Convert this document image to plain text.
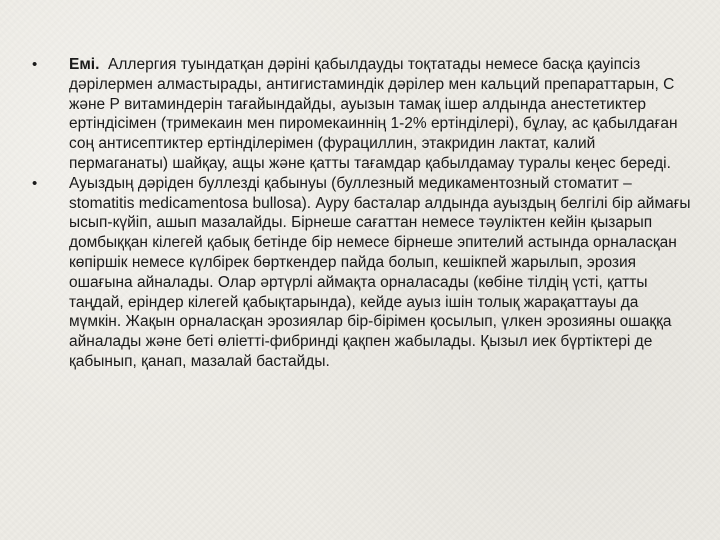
•	Емі.  Аллергия туындатқан дәріні қабылдауды тоқтатады немесе басқа қауіпсіз дәрілермен алмастырады, антигистаминдік дәрілер мен кальций препараттарын, С және Р витаминдерін тағайындайды, ауызын тамақ ішер алдында анестетиктер ертіндісімен (тримекаин мен пиромекаиннің 1-2% ертінділері), бұлау, ас қабылдаған соң антисептиктер ертінділерімен (фурациллин, этакридин лактат, калий пермаганаты) шайқау, ащы және қатты тағамдар қабылдамау туралы кеңес береді.
•	Ауыздың дәріден буллезді қабынуы (буллезный медикаментозный стоматит – stomatitis medicamentosa bullosa). Ауру басталар алдында ауыздың белгілі бір аймағы ысып-күйіп, ашып мазалайды. Бірнеше сағаттан немесе тәуліктен кейін қызарып домбыққан кілегей қабық бетінде бір немесе бірнеше эпителий астында орналасқан көпіршік немесе күлбірек бөрткендер пайда болып, кешікпей жарылып, эрозия ошағына айналады. Олар әртүрлі аймақта орналасады (көбіне тілдің үсті, қатты таңдай, еріндер кілегей қабықтарында), кейде ауыз ішін толық жарақаттауы да мүмкін. Жақын орналасқан эрозиялар бір-бірімен қосылып, үлкен эрозияны ошаққа айналады және беті өліетті-фибринді қақпен жабылады. Қызыл иек бүртіктері де қабынып, қанап, мазалай бастайды.
